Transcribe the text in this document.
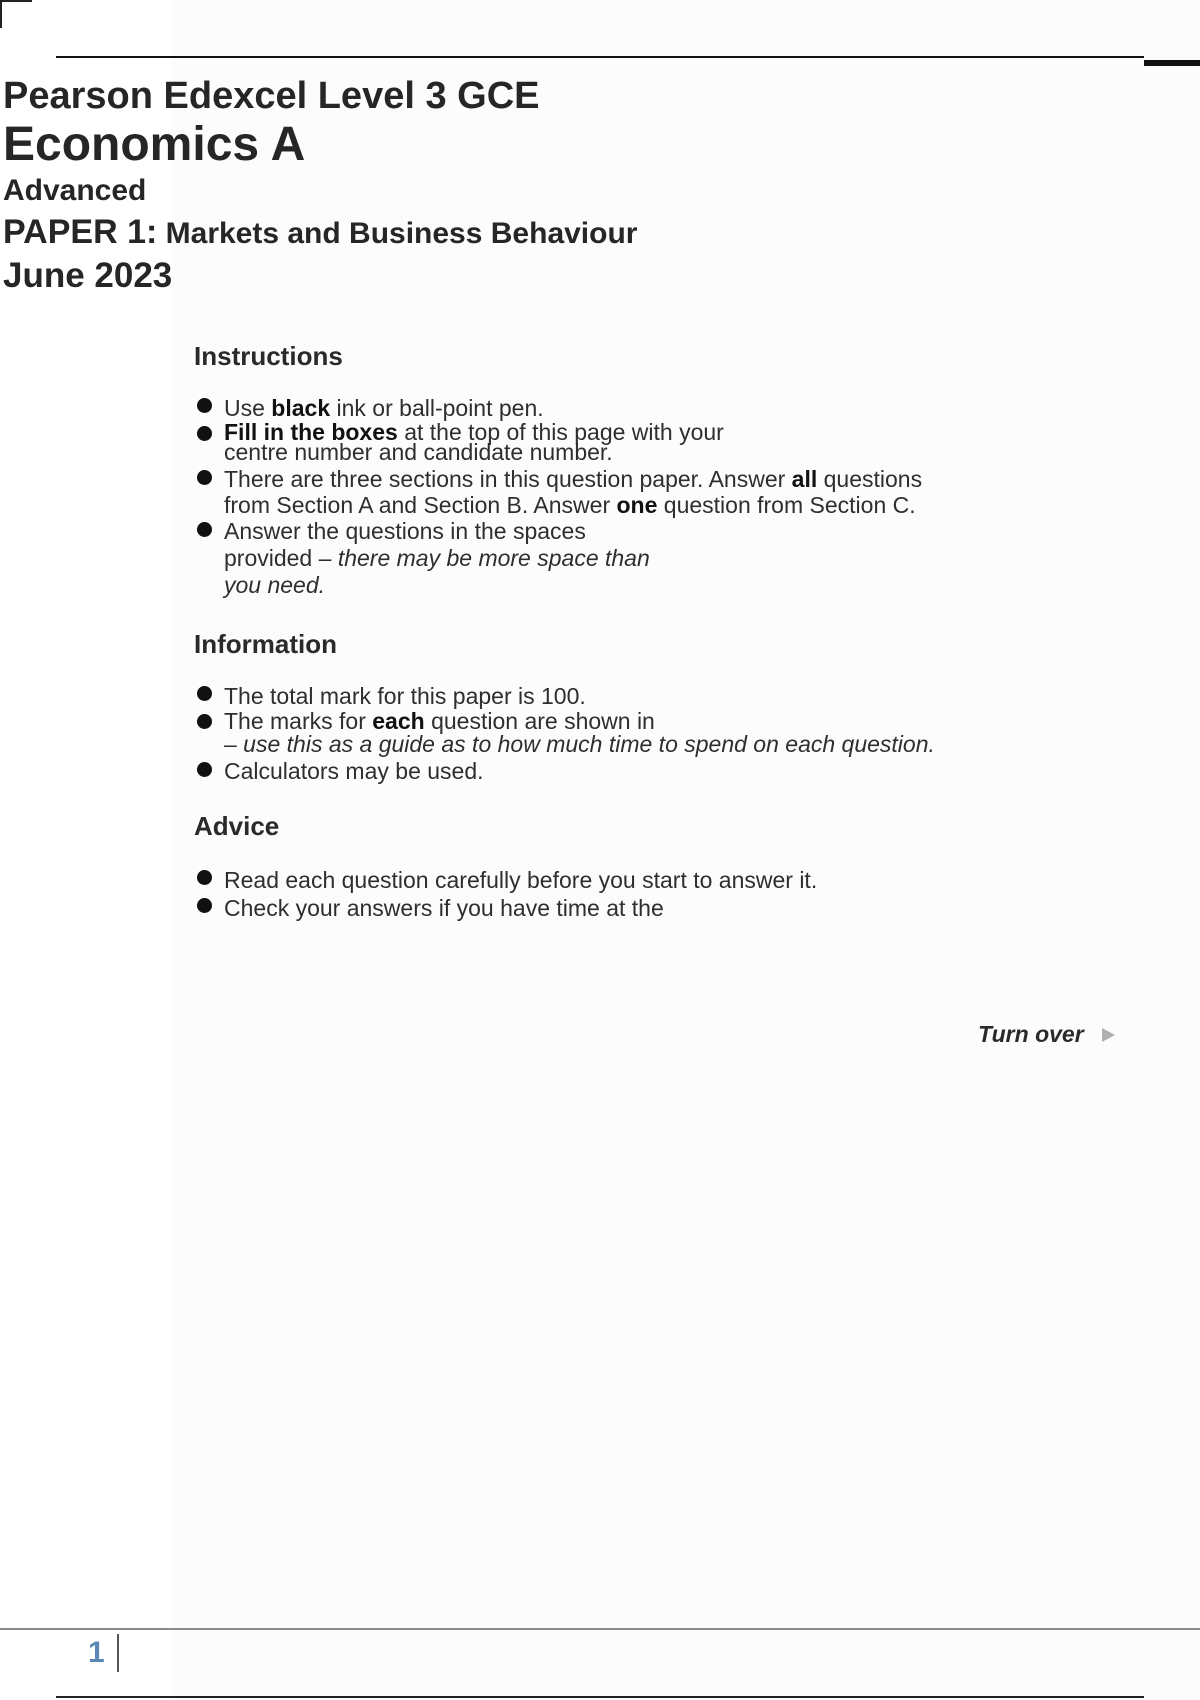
Pearson Edexcel Level 3 GCE
Economics A
Advanced
PAPER 1: Markets and Business Behaviour
June 2023
Instructions
Use black ink or ball-point pen.
Fill in the boxes at the top of this page with your
centre number and candidate number.
There are three sections in this question paper. Answer all questions
from Section A and Section B. Answer one question from Section C.
Answer the questions in the spaces
provided – there may be more space than
you need.
Information
The total mark for this paper is 100.
The marks for each question are shown in
– use this as a guide as to how much time to spend on each question.
Calculators may be used.
Advice
Read each question carefully before you start to answer it.
Check your answers if you have time at the
Turn over
1
